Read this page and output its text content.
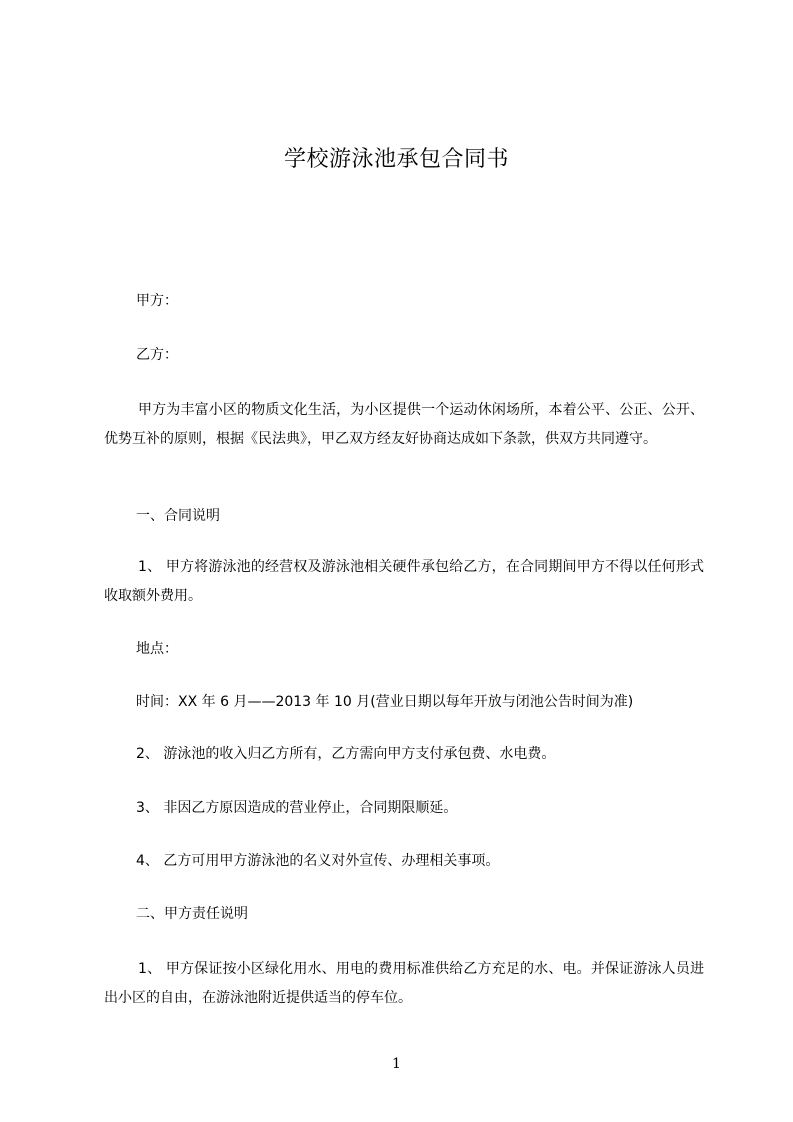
学校游泳池承包合同书
甲方：
乙方：
甲方为丰富小区的物质文化生活，为小区提供一个运动休闲场所，本着公平、公正、公开、优势互补的原则，根据《民法典》，甲乙双方经友好协商达成如下条款，供双方共同遵守。
一、合同说明
1、 甲方将游泳池的经营权及游泳池相关硬件承包给乙方，在合同期间甲方不得以任何形式收取额外费用。
地点：
时间：XX 年 6 月——2013 年 10 月(营业日期以每年开放与闭池公告时间为准)
2、 游泳池的收入归乙方所有，乙方需向甲方支付承包费、水电费。
3、 非因乙方原因造成的营业停止，合同期限顺延。
4、 乙方可用甲方游泳池的名义对外宣传、办理相关事项。
二、甲方责任说明
1、 甲方保证按小区绿化用水、用电的费用标准供给乙方充足的水、电。并保证游泳人员进出小区的自由，在游泳池附近提供适当的停车位。
1
